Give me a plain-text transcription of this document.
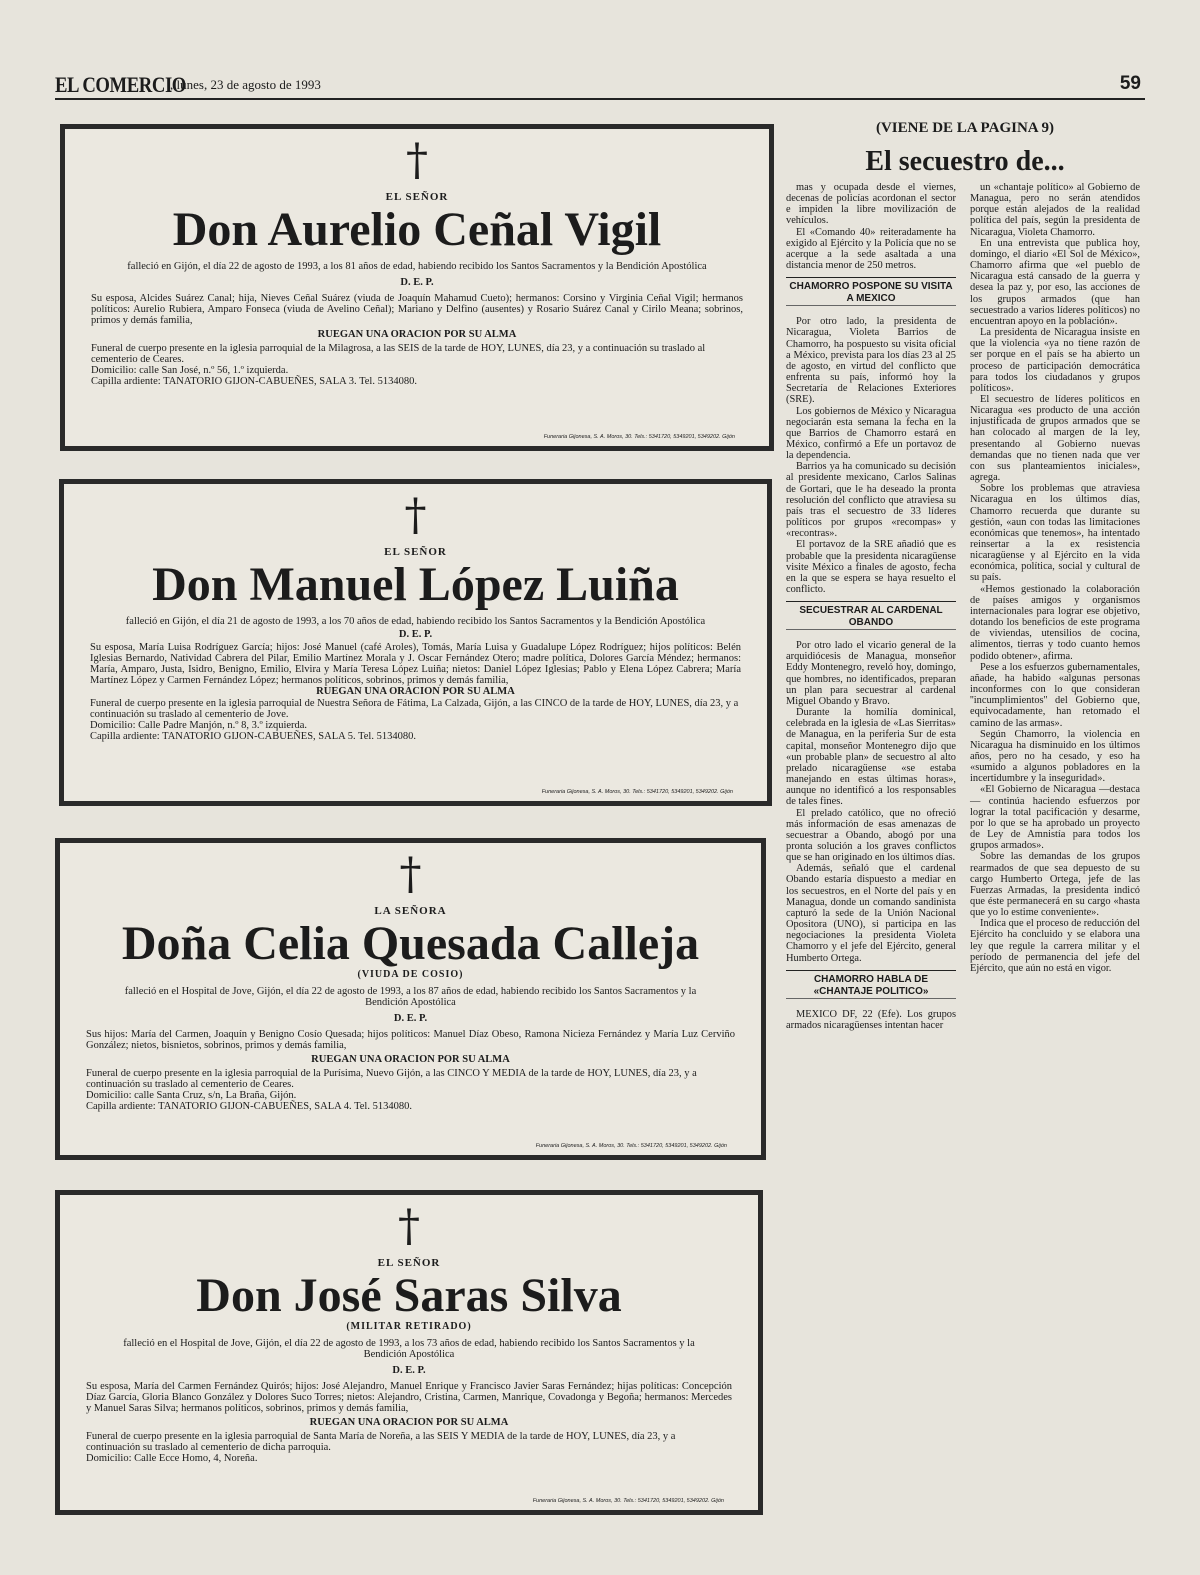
EL COMERCIO
, lunes, 23 de agosto de 1993	59
†
EL SEÑOR
Don Aurelio Ceñal Vigil
falleció en Gijón, el día 22 de agosto de 1993, a los 81 años de edad, habiendo recibido los Santos Sacramentos y la Bendición Apostólica
D. E. P.
Su esposa, Alcides Suárez Canal; hija, Nieves Ceñal Suárez (viuda de Joaquín Mahamud Cueto); hermanos: Corsino y Virginia Ceñal Vigil; hermanos políticos: Aurelio Rubiera, Amparo Fonseca (viuda de Avelino Ceñal); Mariano y Delfino (ausentes) y Rosario Suárez Canal y Cirilo Meana; sobrinos, primos y demás familia,
RUEGAN UNA ORACION POR SU ALMA
Funeral de cuerpo presente en la iglesia parroquial de la Milagrosa, a las SEIS de la tarde de HOY, LUNES, día 23, y a continuación su traslado al cementerio de Ceares.
Domicilio: calle San José, n.º 56, 1.º izquierda.
Capilla ardiente: TANATORIO GIJON-CABUEÑES, SALA 3. Tel. 5134080.
Funeraria Gijonesa, S. A. Moros, 30. Tels.: 5341720, 5349201, 5349202. Gijón
†
EL SEÑOR
Don Manuel López Luiña
falleció en Gijón, el día 21 de agosto de 1993, a los 70 años de edad, habiendo recibido los Santos Sacramentos y la Bendición Apostólica
D. E. P.
Su esposa, María Luisa Rodríguez García; hijos: José Manuel (café Aroles), Tomás, María Luisa y Guadalupe López Rodríguez; hijos políticos: Belén Iglesias Bernardo, Natividad Cabrera del Pilar, Emilio Martínez Morala y J. Oscar Fernández Otero; madre política, Dolores García Méndez; hermanos: María, Amparo, Justa, Isidro, Benigno, Emilio, Elvira y María Teresa López Luiña; nietos: Daniel López Iglesias; Pablo y Elena López Cabrera; María Martínez López y Carmen Fernández López; hermanos políticos, sobrinos, primos y demás familia,
RUEGAN UNA ORACION POR SU ALMA
Funeral de cuerpo presente en la iglesia parroquial de Nuestra Señora de Fátima, La Calzada, Gijón, a las CINCO de la tarde de HOY, LUNES, día 23, y a continuación su traslado al cementerio de Jove.
Domicilio: Calle Padre Manjón, n.º 8, 3.º izquierda.
Capilla ardiente: TANATORIO GIJON-CABUEÑES, SALA 5. Tel. 5134080.
Funeraria Gijonesa, S. A. Moros, 30. Tels.: 5341720, 5349201, 5349202. Gijón
†
LA SEÑORA
Doña Celia Quesada Calleja
(VIUDA DE COSIO)
falleció en el Hospital de Jove, Gijón, el día 22 de agosto de 1993, a los 87 años de edad, habiendo recibido los Santos Sacramentos y la Bendición Apostólica
D. E. P.
Sus hijos: María del Carmen, Joaquín y Benigno Cosío Quesada; hijos políticos: Manuel Díaz Obeso, Ramona Nicieza Fernández y María Luz Cerviño González; nietos, bisnietos, sobrinos, primos y demás familia,
RUEGAN UNA ORACION POR SU ALMA
Funeral de cuerpo presente en la iglesia parroquial de la Purísima, Nuevo Gijón, a las CINCO Y MEDIA de la tarde de HOY, LUNES, día 23, y a continuación su traslado al cementerio de Ceares.
Domicilio: calle Santa Cruz, s/n, La Braña, Gijón.
Capilla ardiente: TANATORIO GIJON-CABUEÑES, SALA 4. Tel. 5134080.
Funeraria Gijonesa, S. A. Moros, 30. Tels.: 5341720, 5349201, 5349202. Gijón
†
EL SEÑOR
Don José Saras Silva
(MILITAR RETIRADO)
falleció en el Hospital de Jove, Gijón, el día 22 de agosto de 1993, a los 73 años de edad, habiendo recibido los Santos Sacramentos y la Bendición Apostólica
D. E. P.
Su esposa, María del Carmen Fernández Quirós; hijos: José Alejandro, Manuel Enrique y Francisco Javier Saras Fernández; hijas políticas: Concepción Díaz García, Gloria Blanco González y Dolores Suco Torres; nietos: Alejandro, Cristina, Carmen, Manrique, Covadonga y Begoña; hermanos: Mercedes y Manuel Saras Silva; hermanos políticos, sobrinos, primos y demás familia,
RUEGAN UNA ORACION POR SU ALMA
Funeral de cuerpo presente en la iglesia parroquial de Santa María de Noreña, a las SEIS Y MEDIA de la tarde de HOY, LUNES, día 23, y a continuación su traslado al cementerio de dicha parroquia.
Domicilio: Calle Ecce Homo, 4, Noreña.
Funeraria Gijonesa, S. A. Moros, 30. Tels.: 5341720, 5349201, 5349202. Gijón
(VIENE DE LA PAGINA 9)
El secuestro de...

mas y ocupada desde el viernes, decenas de policías acordonan el sector e impiden la libre movilización de vehículos.

El «Comando 40» reiteradamente ha exigido al Ejército y la Policía que no se acerque a la sede asaltada a una distancia menor de 250 metros.

CHAMORRO POSPONE SU VISITA A MEXICO

Por otro lado, la presidenta de Nicaragua, Violeta Barrios de Chamorro, ha pospuesto su visita oficial a México, prevista para los días 23 al 25 de agosto, en virtud del conflicto que enfrenta su país, informó hoy la Secretaría de Relaciones Exteriores (SRE).

Los gobiernos de México y Nicaragua negociarán esta semana la fecha en la que Barrios de Chamorro estará en México, confirmó a Efe un portavoz de la dependencia.

Barrios ya ha comunicado su decisión al presidente mexicano, Carlos Salinas de Gortari, que le ha deseado la pronta resolución del conflicto que atraviesa su país tras el secuestro de 33 líderes políticos por grupos «recompas» y «recontras».

El portavoz de la SRE añadió que es probable que la presidenta nicaragüense visite México a finales de agosto, fecha en la que se espera se haya resuelto el conflicto.

SECUESTRAR AL CARDENAL OBANDO

Por otro lado el vicario general de la arquidiócesis de Managua, monseñor Eddy Montenegro, reveló hoy, domingo, que hombres, no identificados, preparan un plan para secuestrar al cardenal Miguel Obando y Bravo.

Durante la homilía dominical, celebrada en la iglesia de «Las Sierritas» de Managua, en la periferia Sur de esta capital, monseñor Montenegro dijo que «un probable plan» de secuestro al alto prelado nicaragüense «se estaba manejando en estas últimas horas», aunque no identificó a los responsables de tales fines.

El prelado católico, que no ofreció más información de esas amenazas de secuestrar a Obando, abogó por una pronta solución a los graves conflictos que se han originado en los últimos días.

Además, señaló que el cardenal Obando estaría dispuesto a mediar en los secuestros, en el Norte del país y en Managua, donde un comando sandinista capturó la sede de la Unión Nacional Opositora (UNO), si participa en las negociaciones la presidenta Violeta Chamorro y el jefe del Ejército, general Humberto Ortega.

CHAMORRO HABLA DE «CHANTAJE POLITICO»

MEXICO DF, 22 (Efe). Los grupos armados nicaragüenses intentan hacer

un «chantaje político» al Gobierno de Managua, pero no serán atendidos porque están alejados de la realidad política del país, según la presidenta de Nicaragua, Violeta Chamorro.

En una entrevista que publica hoy, domingo, el diario «El Sol de México», Chamorro afirma que «el pueblo de Nicaragua está cansado de la guerra y desea la paz y, por eso, las acciones de los grupos armados (que han secuestrado a varios líderes políticos) no encuentran apoyo en la población».

La presidenta de Nicaragua insiste en que la violencia «ya no tiene razón de ser porque en el país se ha abierto un proceso de participación democrática para todos los ciudadanos y grupos políticos».

El secuestro de líderes políticos en Nicaragua «es producto de una acción injustificada de grupos armados que se han colocado al margen de la ley, presentando al Gobierno nuevas demandas que no tienen nada que ver con sus planteamientos iniciales», agrega.

Sobre los problemas que atraviesa Nicaragua en los últimos días, Chamorro recuerda que durante su gestión, «aun con todas las limitaciones económicas que tenemos», ha intentado reinsertar a la ex resistencia nicaragüense y al Ejército en la vida económica, política, social y cultural de su país.

«Hemos gestionado la colaboración de países amigos y organismos internacionales para lograr ese objetivo, dotando los beneficios de este programa de viviendas, utensilios de cocina, alimentos, tierras y todo cuanto hemos podido obtener», afirma.

Pese a los esfuerzos gubernamentales, añade, ha habido «algunas personas inconformes con lo que consideran ''incumplimientos'' del Gobierno que, equivocadamente, han retomado el camino de las armas».

Según Chamorro, la violencia en Nicaragua ha disminuido en los últimos años, pero no ha cesado, y eso ha «sumido a algunos pobladores en la incertidumbre y la inseguridad».

«El Gobierno de Nicaragua —destaca— continúa haciendo esfuerzos por lograr la total pacificación y desarme, por lo que se ha aprobado un proyecto de Ley de Amnistía para todos los grupos armados».

Sobre las demandas de los grupos rearmados de que sea depuesto de su cargo Humberto Ortega, jefe de las Fuerzas Armadas, la presidenta indicó que éste permanecerá en su cargo «hasta que yo lo estime conveniente».

Indica que el proceso de reducción del Ejército ha concluido y se elabora una ley que regule la carrera militar y el período de permanencia del jefe del Ejército, que aún no está en vigor.
